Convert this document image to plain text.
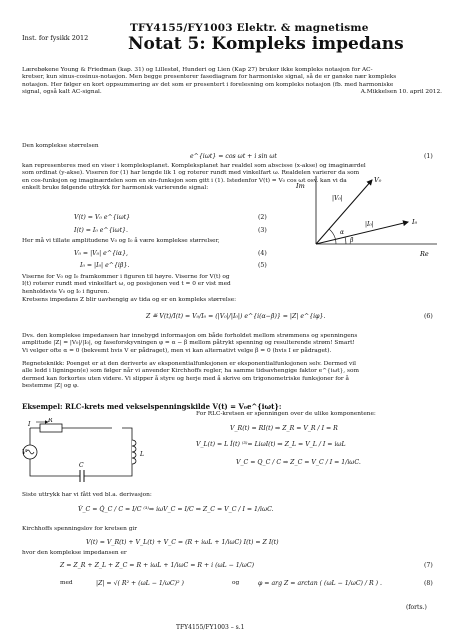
Inst. for fysikk 2012
TFY4155/FY1003 Elektr. & magnetisme
Notat 5: Kompleks impedans
Lærebøkene Young & Friedman (kap. 31) og Lillestøl, Hunderi og Lien (Kap 27) bruker ikke kompleks notasjon for AC-
kretser, kun sinus-cosinus-notasjon. Men begge presenterer fasediagram for harmoniske signal, så de er ganske nær kompleks
notasjon. Her følger en kort oppsummering av det som er presentert i forelesning om kompleks notasjon (fb. med harmoniske
signal, også kalt AC-signal.	A.Mikkelsen 10. april 2012.
Den komplekse størrelsen
e^{iωt} = cos ωt + i sin ωt	(1)
kan representeres med en viser i kompleksplanet. Kompleksplanet har realdel som abscisse (x-akse) og imaginærdel
som ordinat (y-akse). Viseren for (1) har lengde lik 1 og roterer rundt med vinkelfart ω. Realdelen varierer da som
en cos-funksjon og imaginærdelen som en sin-funksjon som gitt i (1). Istedenfor V(t) = V₀ cos ωt osv. kan vi da
enkelt bruke følgende uttrykk for harmonisk varierende signal:
V(t) = V₀ e^{iωt}	(2)
I(t) = I₀ e^{iωt}.	(3)
Her må vi tillate amplitudene V₀ og I₀ å være komplekse størrelser,
V₀ = |V₀| e^{iα},	(4)
I₀ = |I₀| e^{iβ}.	(5)
Viserne for V₀ og I₀ framkommer i figuren til høyre. Viserne for V(t) og
I(t) roterer rundt med vinkelfart ω, og posisjonen ved t = 0 er vist med
henholdsvis V₀ og I₀ i figuren.
Im
Re
V₀
I₀
|V₀|
|I₀|
α
β
Kretsens impedans Z blir uavhengig av tida og er en kompleks størrelse:
Z ≝ V(t)/I(t) = V₀/I₀ = (|V₀|/|I₀|) e^{i(α−β)} = |Z| e^{iφ}.	(6)
Dvs. den komplekse impedansen har innebygd informasjon om både forholdet mellom strømmens og spenningens
amplitude |Z| = |V₀|/|I₀|, og faseforskyvningen φ = α − β mellom påtrykt spenning og resulterende strøm! Smart!
Vi velger ofte α = 0 (bekvemt hvis V er pådraget), men vi kan alternativt velge β = 0 (hvis I er pådraget).
Regneteknikk: Poenget er at den deriverte av eksponentialfunksjonen er eksponentialfunksjonen selv. Dermed vil
alle ledd i ligningen(e) som følger når vi anvender Kirchhoffs regler, ha samme tidsavhengige faktor e^{iωt}, som
dermed kan forkortes uten videre. Vi slipper å styre og herje med å skrive om trigonometriske funksjoner for å
bestemme |Z| og φ.
Eksempel: RLC-krets med vekselspenningskilde V(t) = V₀e^{iωt}:
For RLC-kretsen er spenningen over de ulike komponentene:
V_R(t) = RI(t) ⇒ Z_R = V_R / I = R
V_L(t) = L İ(t) ⁽³⁾= LiωI(t) ⇒ Z_L = V_L / I = iωL
V_C = Q_C / C ⇒ Z_C = V_C / I = 1/iωC.
I
V
R
C
L
Siste uttrykk har vi fått ved bl.a. derivasjon:
V̇_C = Q̇_C / C = I/C ⁽³⁾⇒ iωV_C = I/C ⇒ Z_C = V_C / I = 1/iωC.
Kirchhoffs spenningslov for kretsen gir
V(t) = V_R(t) + V_L(t) + V_C = (R + iωL + 1/iωC) I(t) = Z I(t)
hvor den komplekse impedansen er
Z = Z_R + Z_L + Z_C = R + iωL + 1/iωC = R + i (ωL − 1/ωC)	(7)
med	|Z| = √( R² + (ωL − 1/ωC)² )	og	φ = arg Z = arctan ( (ωL − 1/ωC) / R ) .	(8)
(forts.)
TFY4155/FY1003 – s.1
